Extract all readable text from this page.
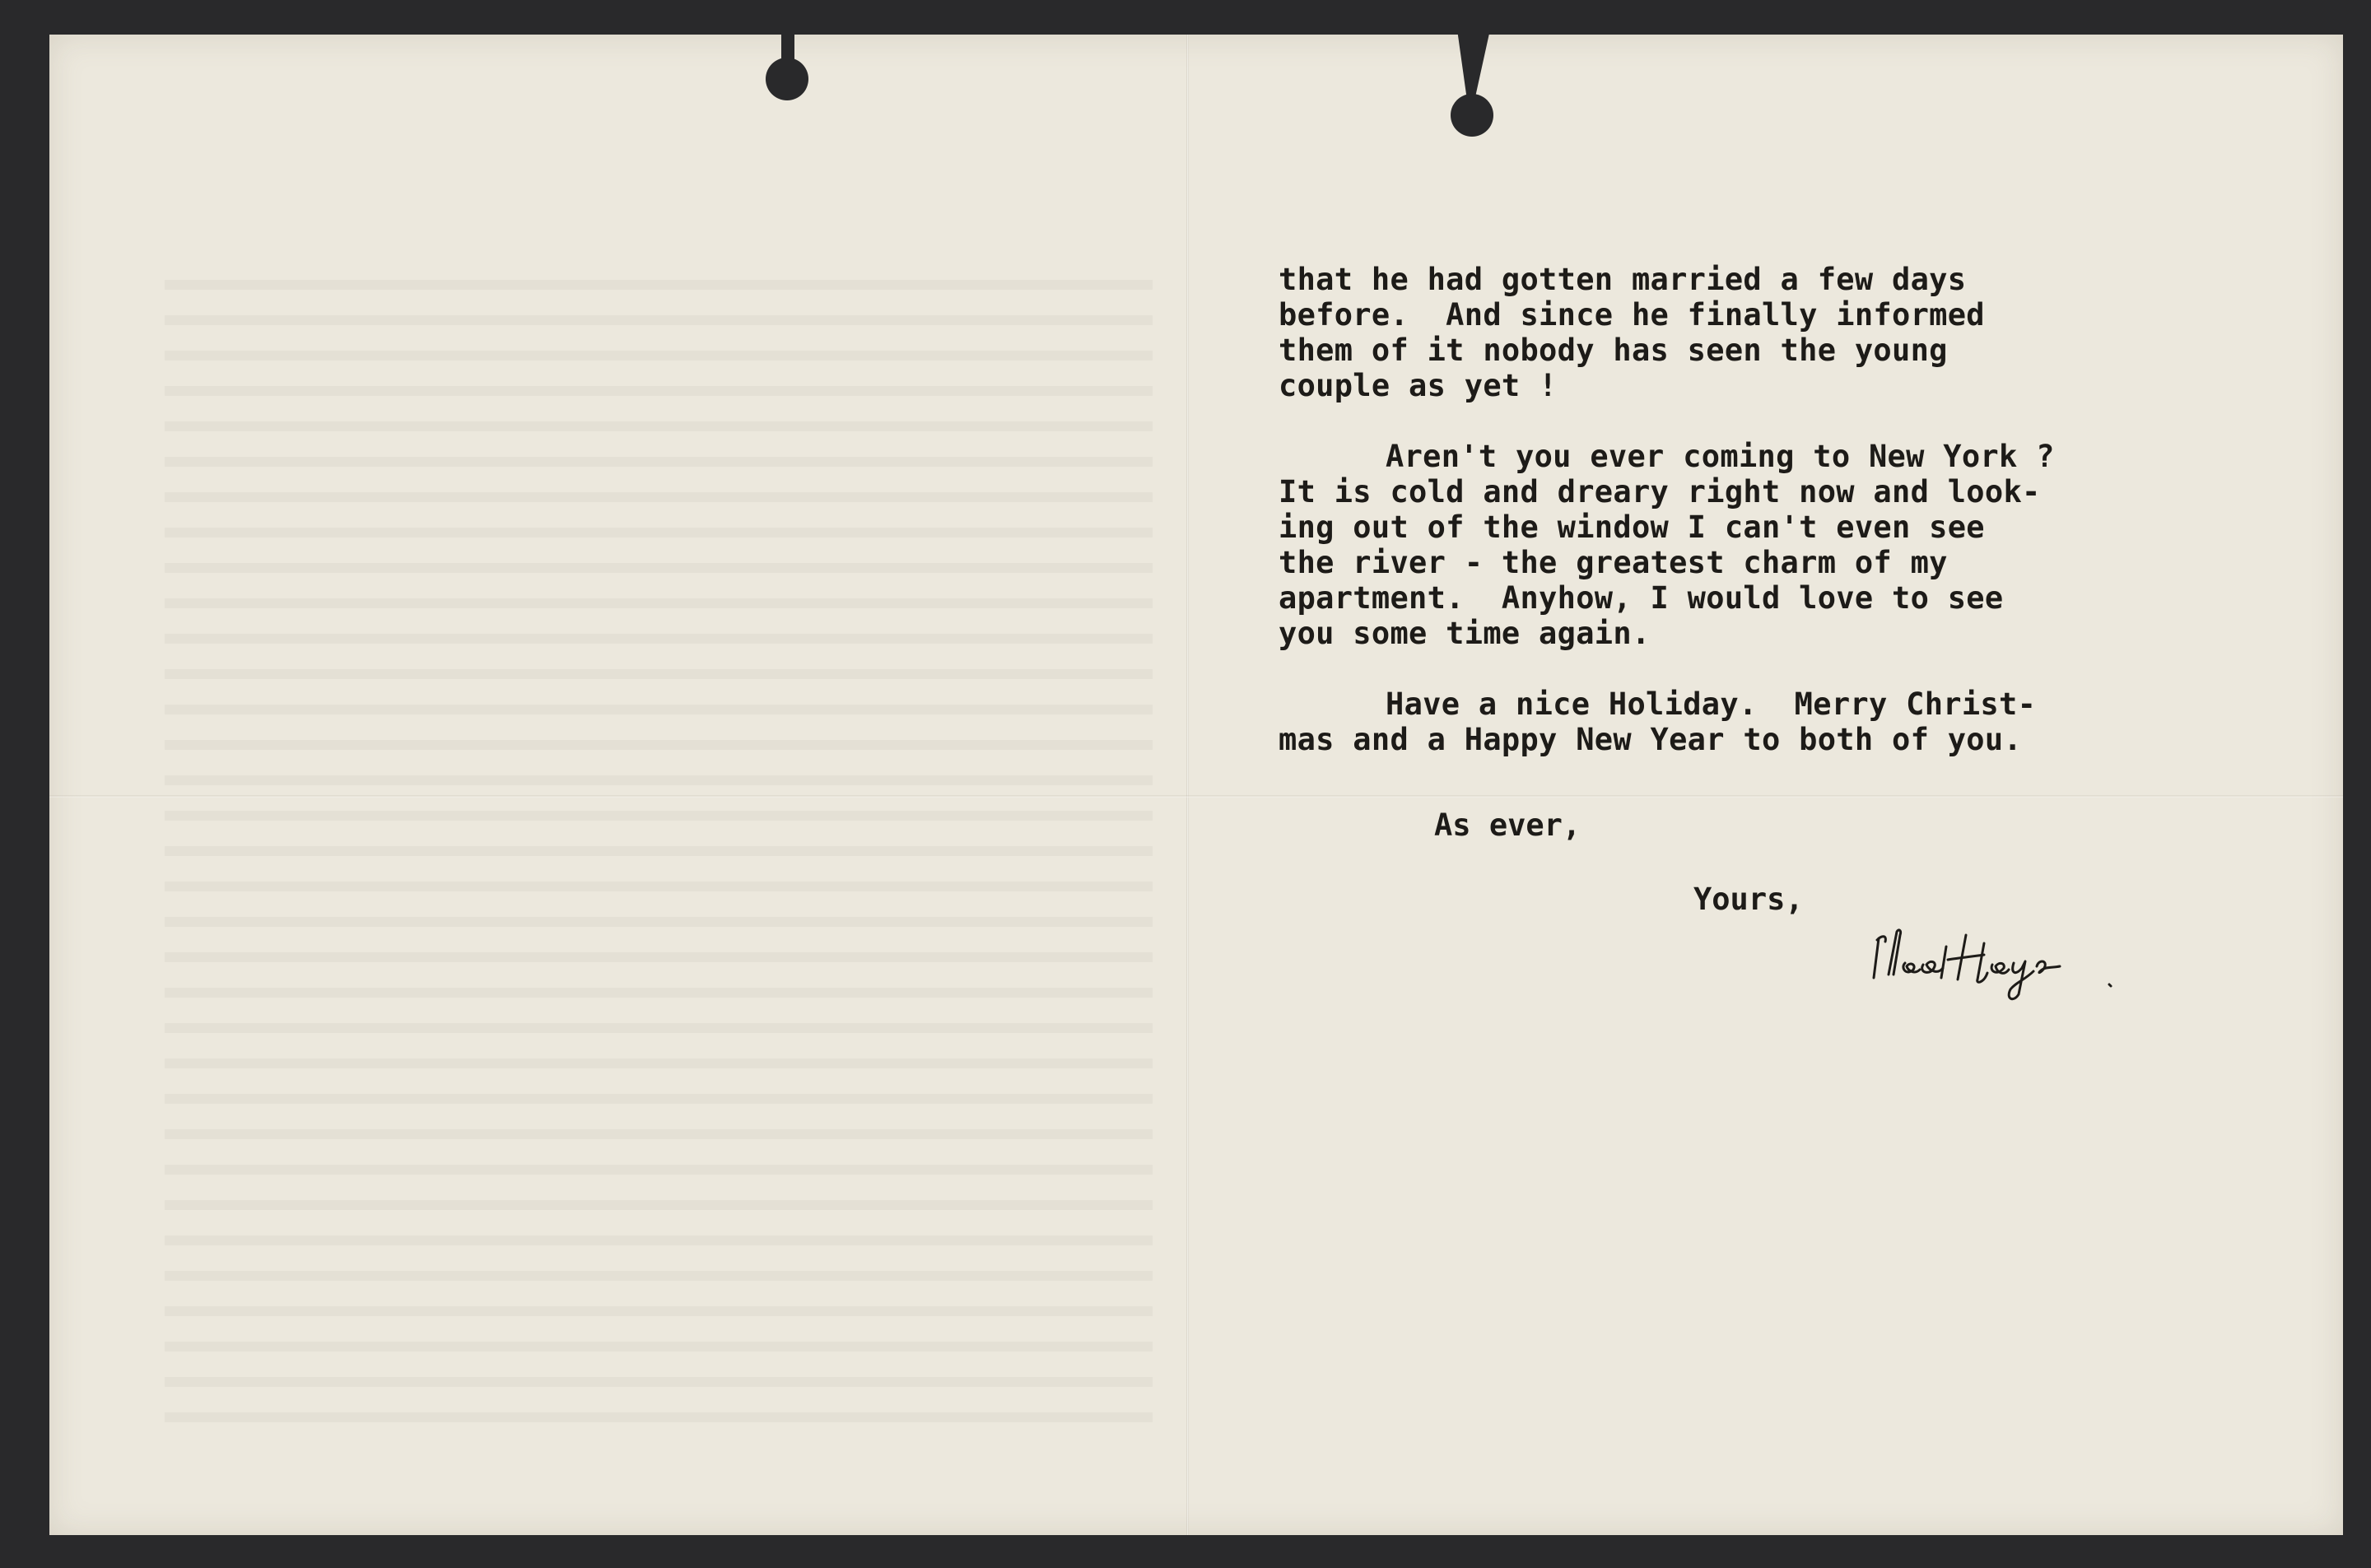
that he had gotten married a few days

before.  And since he finally informed

them of it nobody has seen the young

couple as yet !

Aren't you ever coming to New York ?

It is cold and dreary right now and look-

ing out of the window I can't even see

the river - the greatest charm of my

apartment.  Anyhow, I would love to see

you some time again.

Have a nice Holiday.  Merry Christ-

mas and a Happy New Year to both of you.

As ever,
Yours,
